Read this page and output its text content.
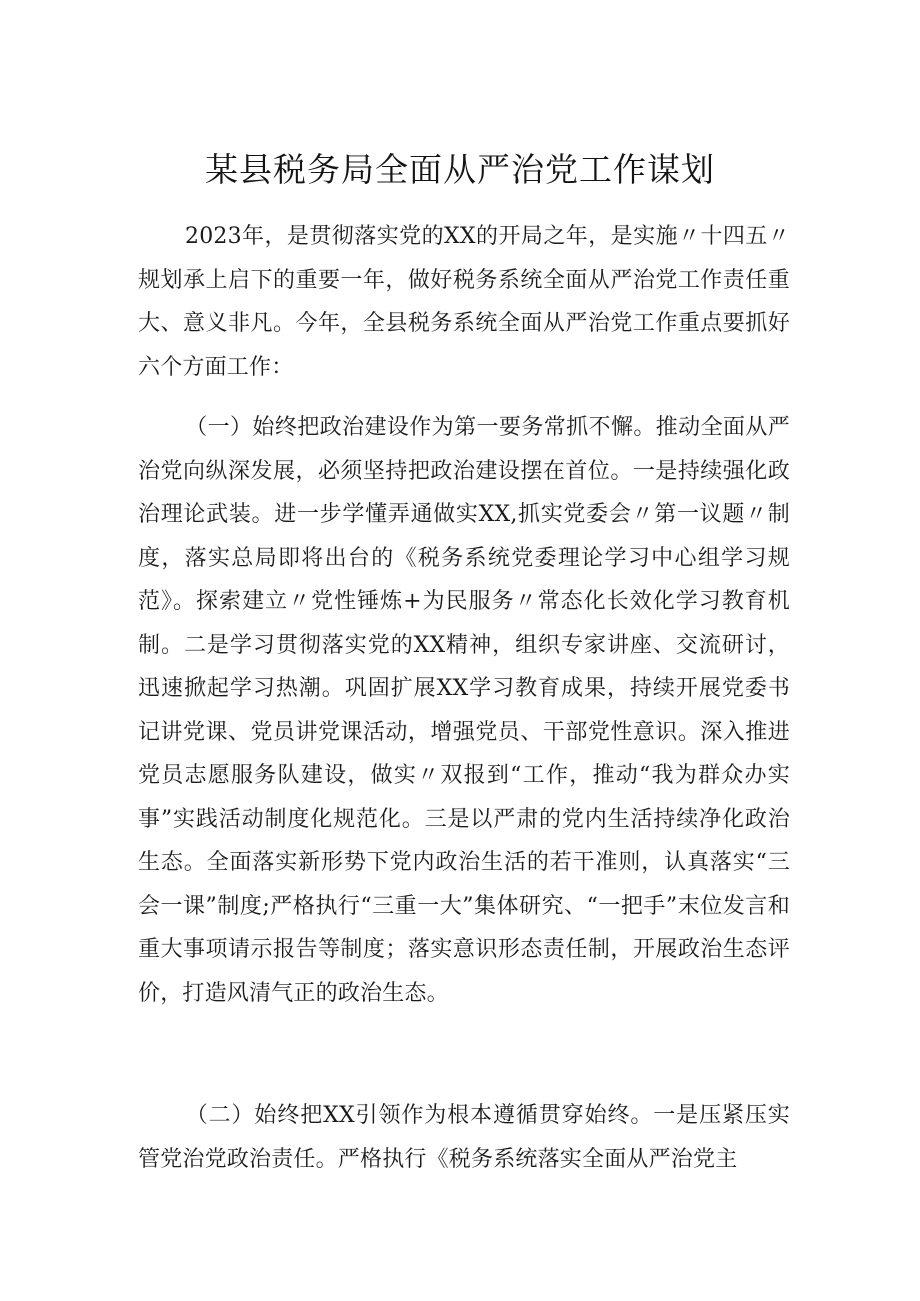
某县税务局全面从严治党工作谋划

2023年，是贯彻落实党的XX的开局之年，是实施〃十四五〃规划承上启下的重要一年，做好税务系统全面从严治党工作责任重大、意义非凡。今年，全县税务系统全面从严治党工作重点要抓好六个方面工作：

（一）始终把政治建设作为第一要务常抓不懈。推动全面从严治党向纵深发展，必须坚持把政治建设摆在首位。一是持续强化政治理论武装。进一步学懂弄通做实XX,抓实党委会〃第一议题〃制度，落实总局即将出台的《税务系统党委理论学习中心组学习规范》。探索建立〃党性锤炼+为民服务〃常态化长效化学习教育机制。二是学习贯彻落实党的XX精神，组织专家讲座、交流研讨，迅速掀起学习热潮。巩固扩展XX学习教育成果，持续开展党委书记讲党课、党员讲党课活动，增强党员、干部党性意识。深入推进党员志愿服务队建设，做实〃双报到“工作，推动“我为群众办实事”实践活动制度化规范化。三是以严肃的党内生活持续净化政治生态。全面落实新形势下党内政治生活的若干准则，认真落实“三会一课”制度;严格执行“三重一大”集体研究、“一把手”末位发言和重大事项请示报告等制度；落实意识形态责任制，开展政治生态评价，打造风清气正的政治生态。

（二）始终把XX引领作为根本遵循贯穿始终。一是压紧压实管党治党政治责任。严格执行《税务系统落实全面从严治党主
